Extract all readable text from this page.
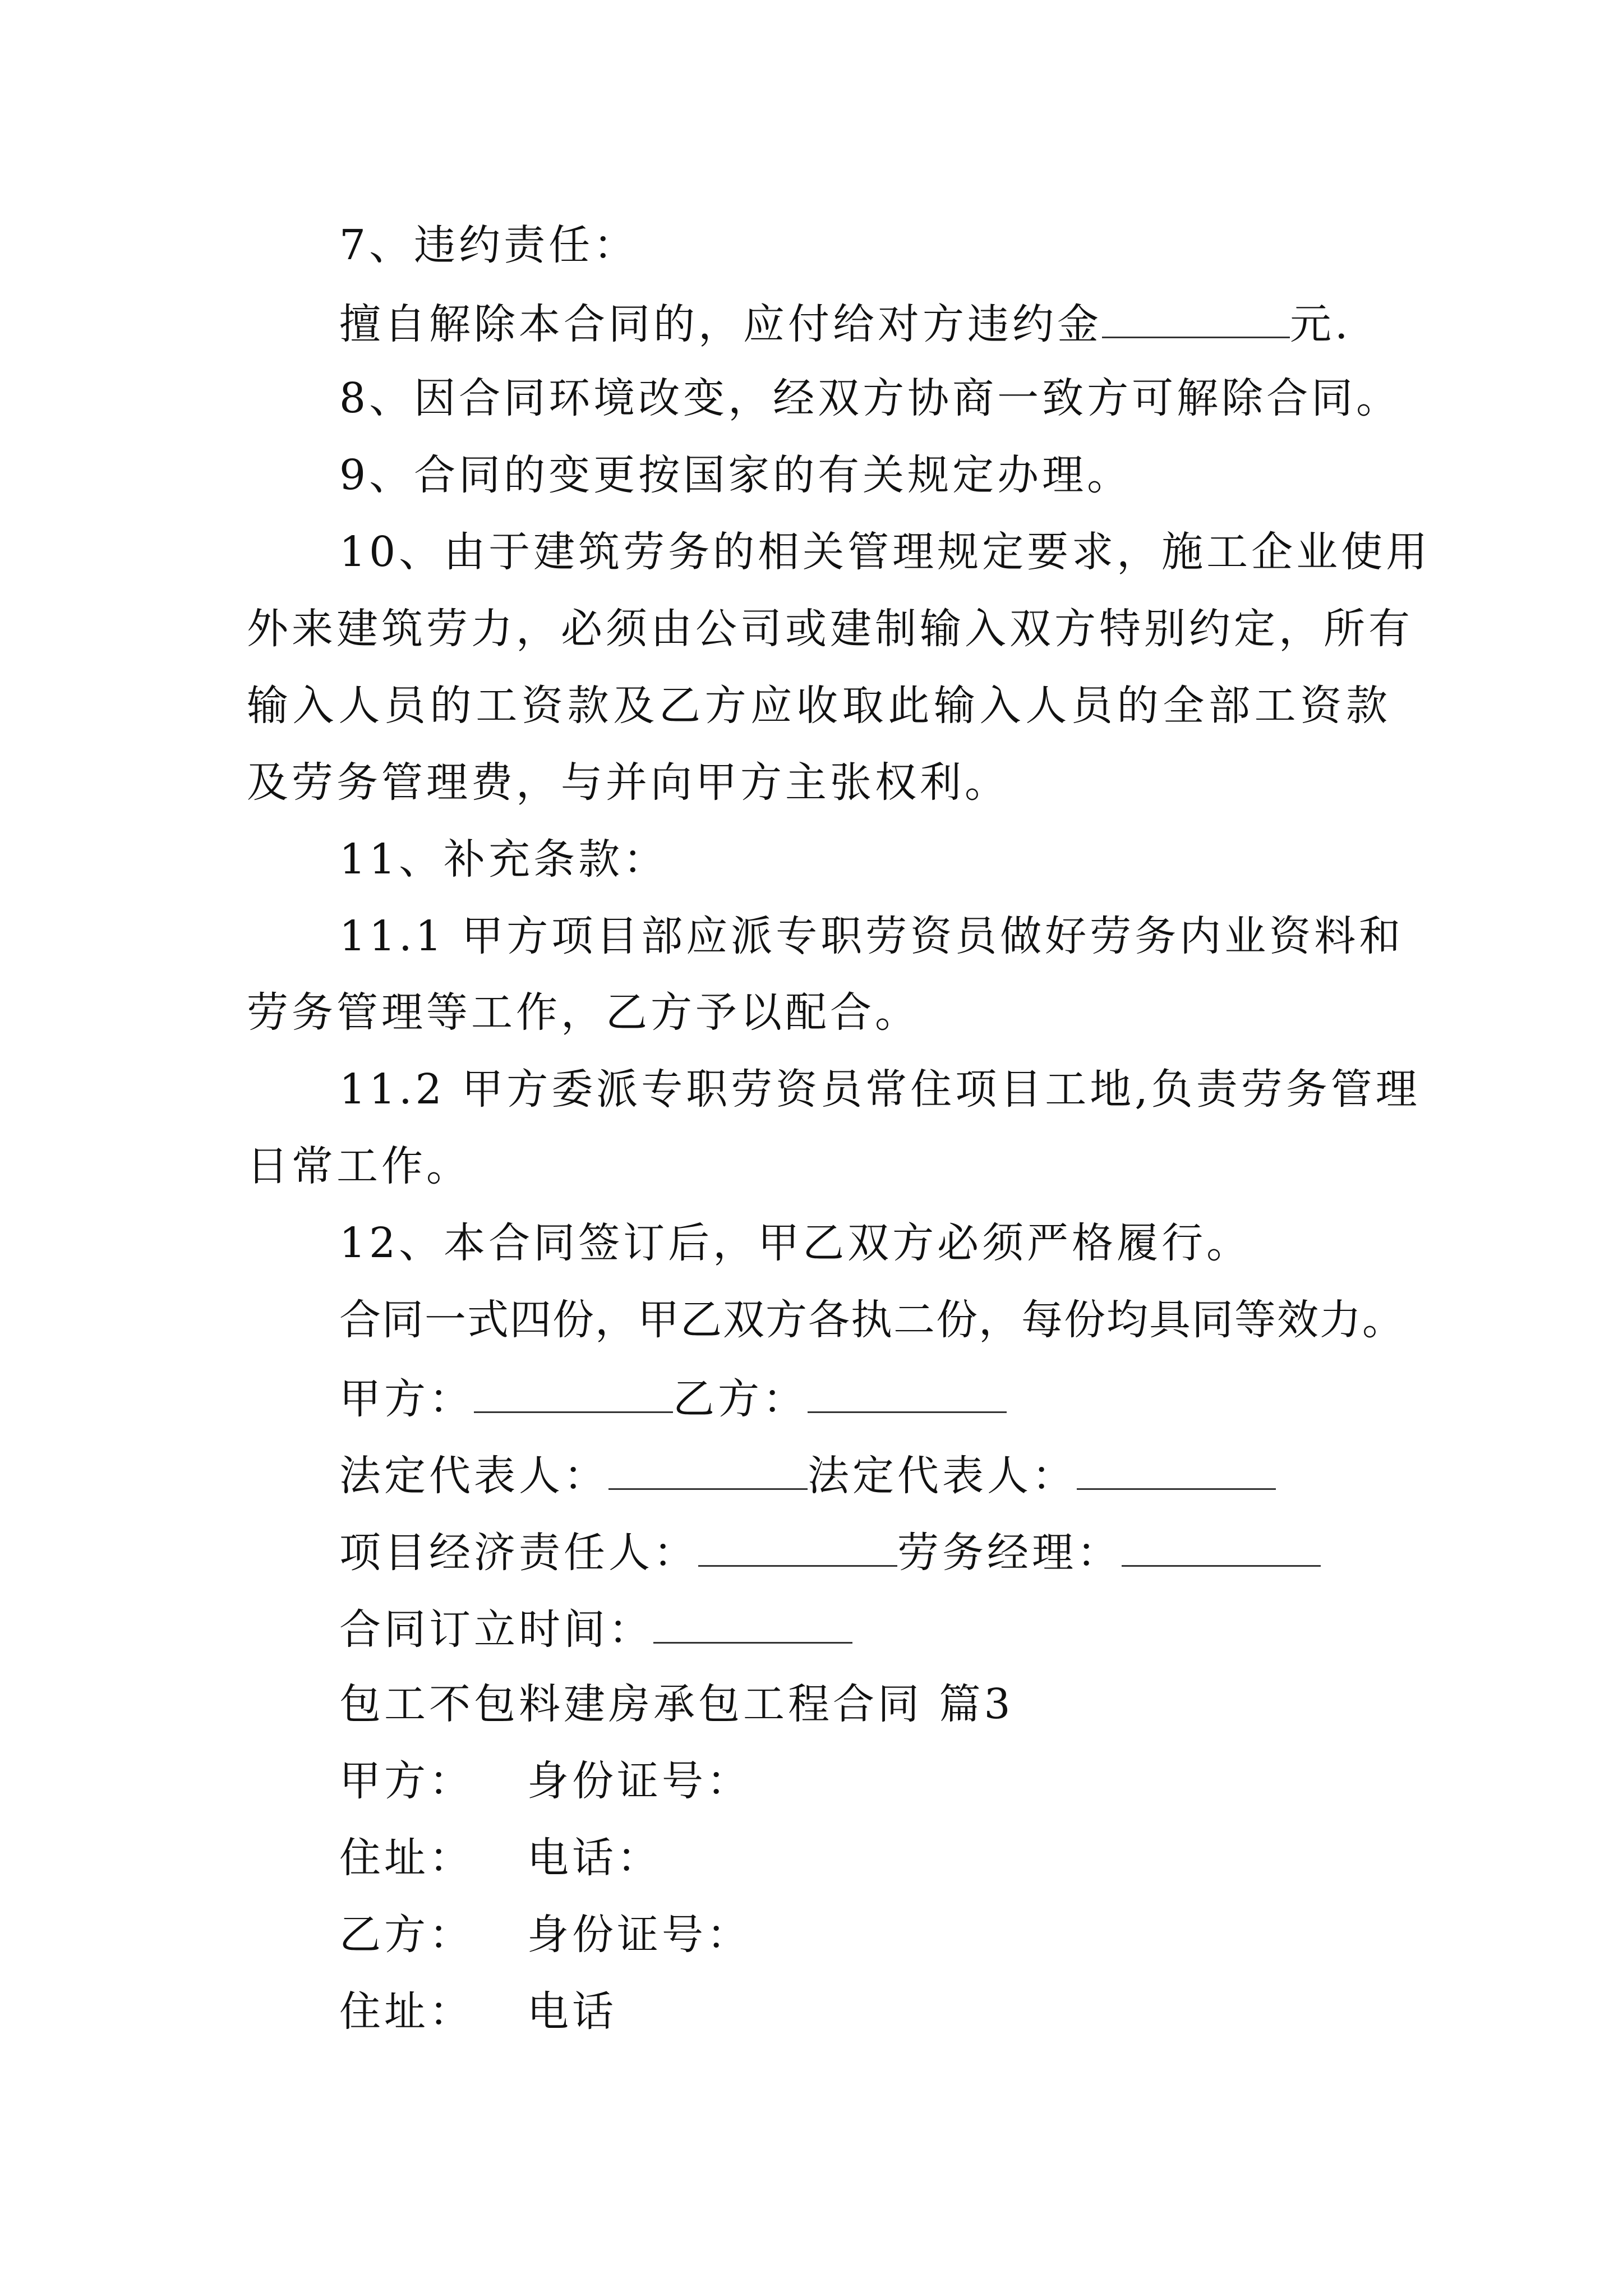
7、违约责任：
擅自解除本合同的，应付给对方违约金	元.
8、因合同环境改变，经双方协商一致方可解除合同。
9、合同的变更按国家的有关规定办理。
10、由于建筑劳务的相关管理规定要求，施工企业使用
外来建筑劳力，必须由公司或建制输入双方特别约定，所有
输入人员的工资款及乙方应收取此输入人员的全部工资款
及劳务管理费，与并向甲方主张权利。
11、补充条款：
11.1 甲方项目部应派专职劳资员做好劳务内业资料和
劳务管理等工作，乙方予以配合。
11.2 甲方委派专职劳资员常住项目工地,负责劳务管理
日常工作。
12、本合同签订后，甲乙双方必须严格履行。
合同一式四份，甲乙双方各执二份，每份均具同等效力。
甲方：	乙方：
法定代表人：	法定代表人：
项目经济责任人：	劳务经理：
合同订立时间：
包工不包料建房承包工程合同 篇3
甲方： 身份证号：
住址： 电话：
乙方： 身份证号：
住址： 电话
